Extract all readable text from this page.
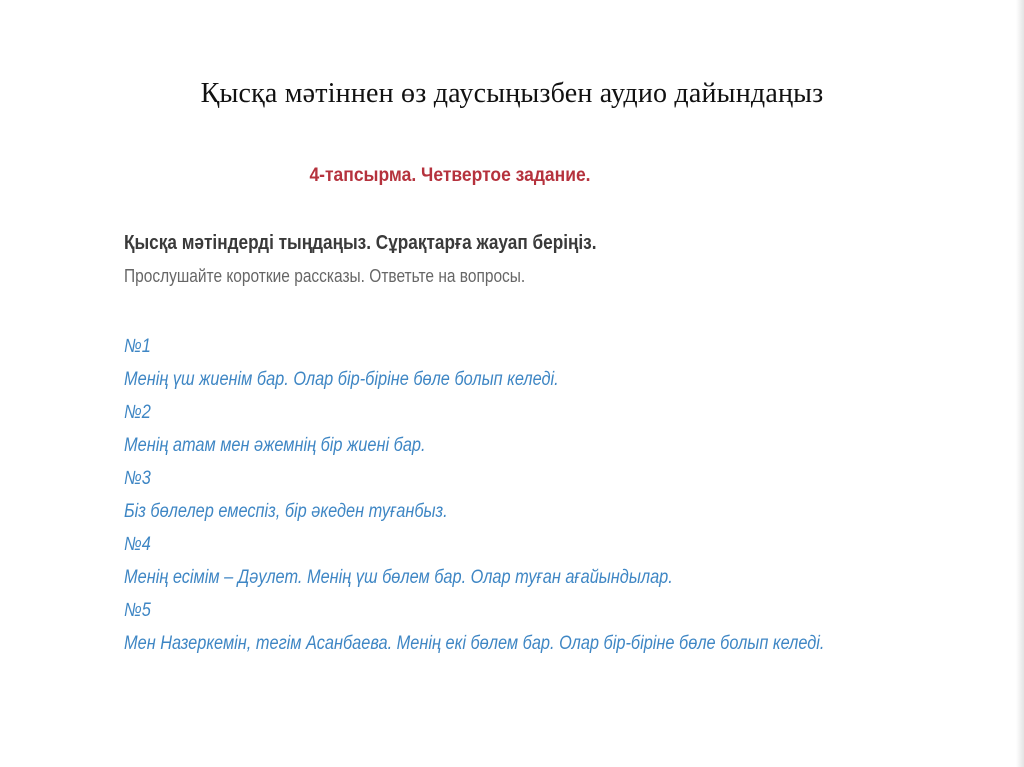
Қысқа мәтіннен өз даусыңызбен аудио дайындаңыз
4-тапсырма. Четвертое задание.
Қысқа мәтіндерді тыңдаңыз. Сұрақтарға жауап беріңіз.
Прослушайте короткие рассказы. Ответьте на вопросы.
№1
Менің үш жиенім бар. Олар бір-біріне бөле болып келеді.
№2
Менің атам мен әжемнің бір жиені бар.
№3
Біз бөлелер емеспіз, бір әкеден туғанбыз.
№4
Менің есімім – Дәулет. Менің үш бөлем бар. Олар туған ағайындылар.
№5
Мен Назеркемін, тегім Асанбаева. Менің екі бөлем бар. Олар бір-біріне бөле болып келеді.
